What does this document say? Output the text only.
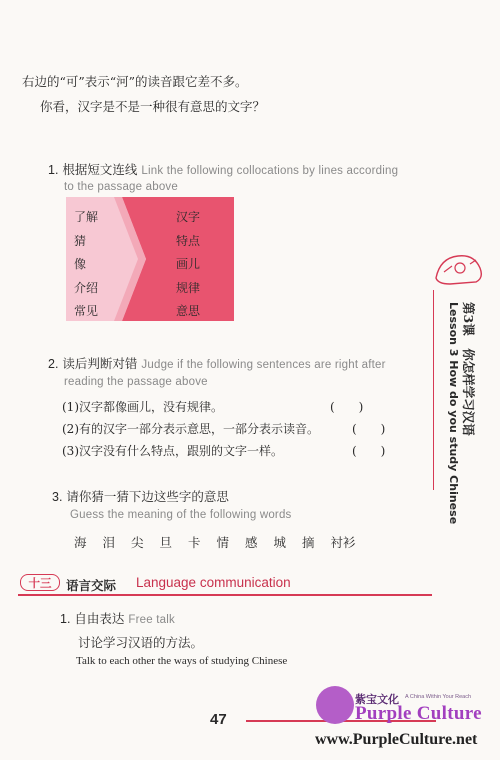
右边的“可”表示“河”的读音跟它差不多。
你看，汉字是不是一种很有意思的文字？
1. 根据短文连线 Link the following collocations by lines according
to the passage above
了解
猜
像
介绍
常见
汉字
特点
画儿
规律
意思
2. 读后判断对错 Judge if the following sentences are right after
reading the passage above
(1)汉字都像画儿，没有规律。	(　　)
(2)有的汉字一部分表示意思，一部分表示读音。	(　　)
(3)汉字没有什么特点，跟别的文字一样。	(　　)
3. 请你猜一猜下边这些字的意思
Guess the meaning of the following words
海 泪 尖 旦 卡 情 感 城 摘 衬衫
十三	语言交际 Language communication
1. 自由表达 Free talk
讨论学习汉语的方法。
Talk to each other the ways of studying Chinese
Lesson 3 How do you study Chinese 第3课　你怎样学习汉语
47
紫宝文化 A China Within Your Reach
Purple Culture
www.PurpleCulture.net
